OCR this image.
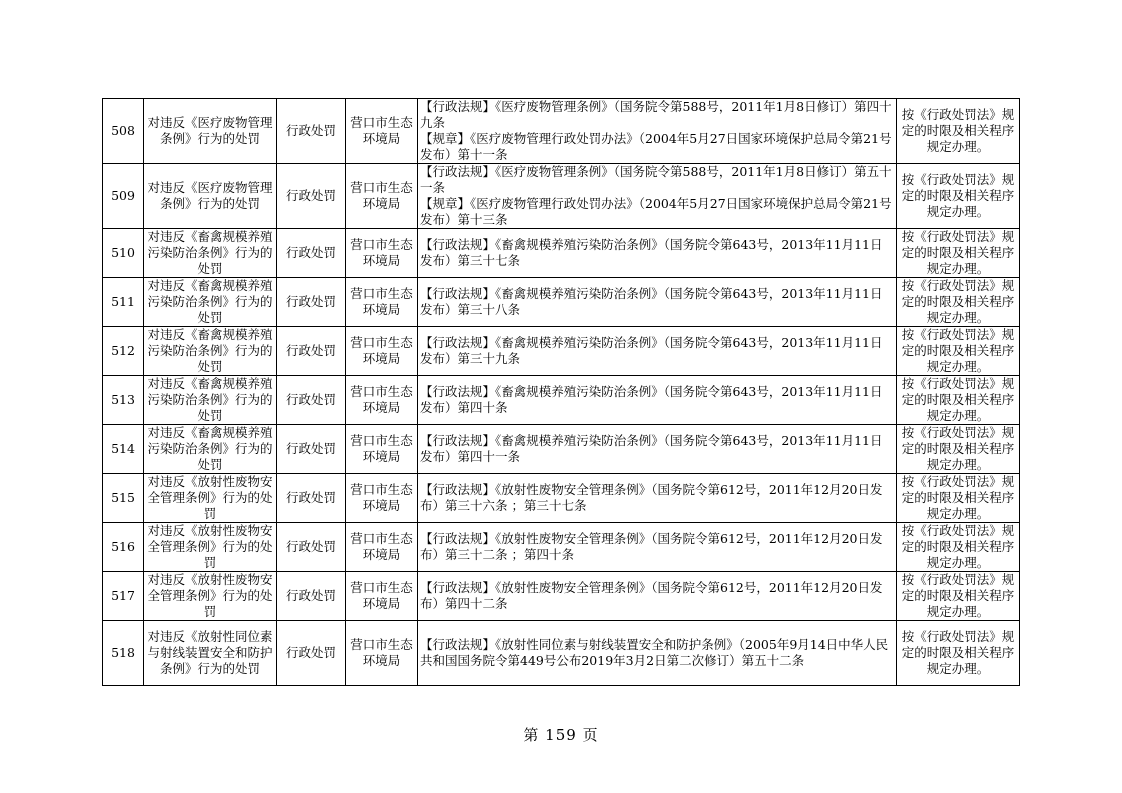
508	对违反《医疗废物管理条例》行为的处罚	行政处罚	营口市生态环境局	【行政法规】《医疗废物管理条例》（国务院令第588号，2011年1月8日修订）第四十九条
【规章】《医疗废物管理行政处罚办法》（2004年5月27日国家环境保护总局令第21号发布）第十一条	按《行政处罚法》规定的时限及相关程序规定办理。
509	对违反《医疗废物管理条例》行为的处罚	行政处罚	营口市生态环境局	【行政法规】《医疗废物管理条例》（国务院令第588号，2011年1月8日修订）第五十一条
【规章】《医疗废物管理行政处罚办法》（2004年5月27日国家环境保护总局令第21号发布）第十三条	按《行政处罚法》规定的时限及相关程序规定办理。
510	对违反《畜禽规模养殖污染防治条例》行为的处罚	行政处罚	营口市生态环境局	【行政法规】《畜禽规模养殖污染防治条例》（国务院令第643号，2013年11月11日发布）第三十七条	按《行政处罚法》规定的时限及相关程序规定办理。
511	对违反《畜禽规模养殖污染防治条例》行为的处罚	行政处罚	营口市生态环境局	【行政法规】《畜禽规模养殖污染防治条例》（国务院令第643号，2013年11月11日发布）第三十八条	按《行政处罚法》规定的时限及相关程序规定办理。
512	对违反《畜禽规模养殖污染防治条例》行为的处罚	行政处罚	营口市生态环境局	【行政法规】《畜禽规模养殖污染防治条例》（国务院令第643号，2013年11月11日发布）第三十九条	按《行政处罚法》规定的时限及相关程序规定办理。
513	对违反《畜禽规模养殖污染防治条例》行为的处罚	行政处罚	营口市生态环境局	【行政法规】《畜禽规模养殖污染防治条例》（国务院令第643号，2013年11月11日发布）第四十条	按《行政处罚法》规定的时限及相关程序规定办理。
514	对违反《畜禽规模养殖污染防治条例》行为的处罚	行政处罚	营口市生态环境局	【行政法规】《畜禽规模养殖污染防治条例》（国务院令第643号，2013年11月11日发布）第四十一条	按《行政处罚法》规定的时限及相关程序规定办理。
515	对违反《放射性废物安全管理条例》行为的处罚	行政处罚	营口市生态环境局	【行政法规】《放射性废物安全管理条例》（国务院令第612号，2011年12月20日发布）第三十六条 ；第三十七条	按《行政处罚法》规定的时限及相关程序规定办理。
516	对违反《放射性废物安全管理条例》行为的处罚	行政处罚	营口市生态环境局	【行政法规】《放射性废物安全管理条例》（国务院令第612号，2011年12月20日发布）第三十二条 ；第四十条	按《行政处罚法》规定的时限及相关程序规定办理。
517	对违反《放射性废物安全管理条例》行为的处罚	行政处罚	营口市生态环境局	【行政法规】《放射性废物安全管理条例》（国务院令第612号，2011年12月20日发布）第四十二条	按《行政处罚法》规定的时限及相关程序规定办理。
518	对违反《放射性同位素与射线装置安全和防护条例》行为的处罚	行政处罚	营口市生态环境局	【行政法规】《放射性同位素与射线装置安全和防护条例》（2005年9月14日中华人民共和国国务院令第449号公布2019年3月2日第二次修订）第五十二条	按《行政处罚法》规定的时限及相关程序规定办理。
第 159 页
